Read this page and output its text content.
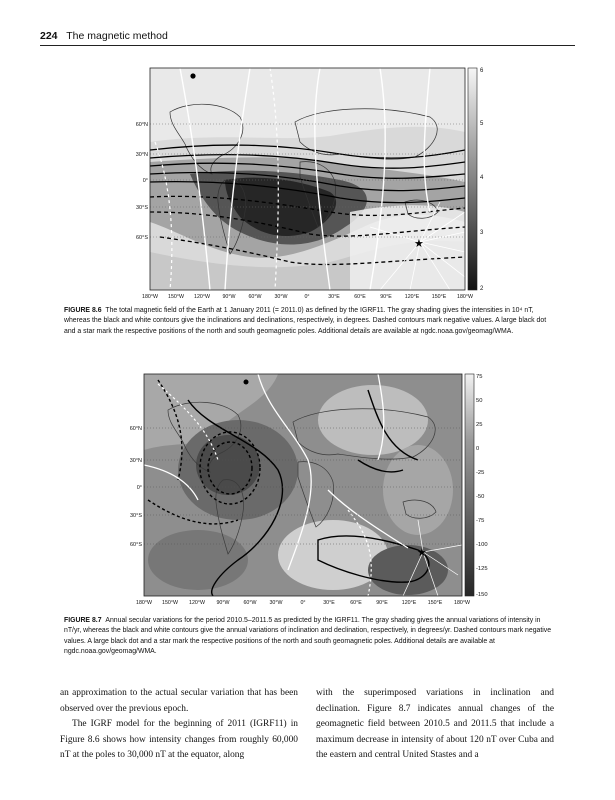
224 The magnetic method
★
6
5
4
3
2
60°N
30°N
0°
30°S
60°S
180°W 150°W 120°W 90°W 60°W 30°W	0°	30°E	60°E	90°E 120°E 150°E 180°W
FIGURE 8.6 The total magnetic field of the Earth at 1 January 2011 (= 2011.0) as defined by the IGRF11. The gray shading gives the intensities in 10⁴ nT, whereas the black and white contours give the inclinations and declinations, respectively, in degrees. Dashed contours mark negative values. A large black dot and a star mark the respective positions of the north and south geomagnetic poles. Additional details are available at ngdc.noaa.gov/geomag/WMA.
★
75
50
25
0
-25
-50
-75
-100
-125
-150
60°N
30°N
0°
30°S
60°S
180°W 150°W 120°W 90°W	60°W 30°W	0°	30°E	60°E	90°E	120°E 150°E 180°W
FIGURE 8.7 Annual secular variations for the period 2010.5–2011.5 as predicted by the IGRF11. The gray shading gives the annual variations of intensity in nT/yr, whereas the black and white contours give the annual variations of inclination and declination, respectively, in degrees/yr. Dashed contours mark negative values. A large black dot and a star mark the respective positions of the north and south geomagnetic poles. Additional details are available at ngdc.noaa.gov/geomag/WMA.

an approximation to the actual secular variation that has been observed over the previous epoch.

The IGRF model for the beginning of 2011 (IGRF11) in Figure 8.6 shows how intensity changes from roughly 60,000 nT at the poles to 30,000 nT at the equator, along

with the superimposed variations in inclination and declination. Figure 8.7 indicates annual changes of the geomagnetic field between 2010.5 and 2011.5 that include a maximum decrease in intensity of about 120 nT over Cuba and the eastern and central United Stastes and a
